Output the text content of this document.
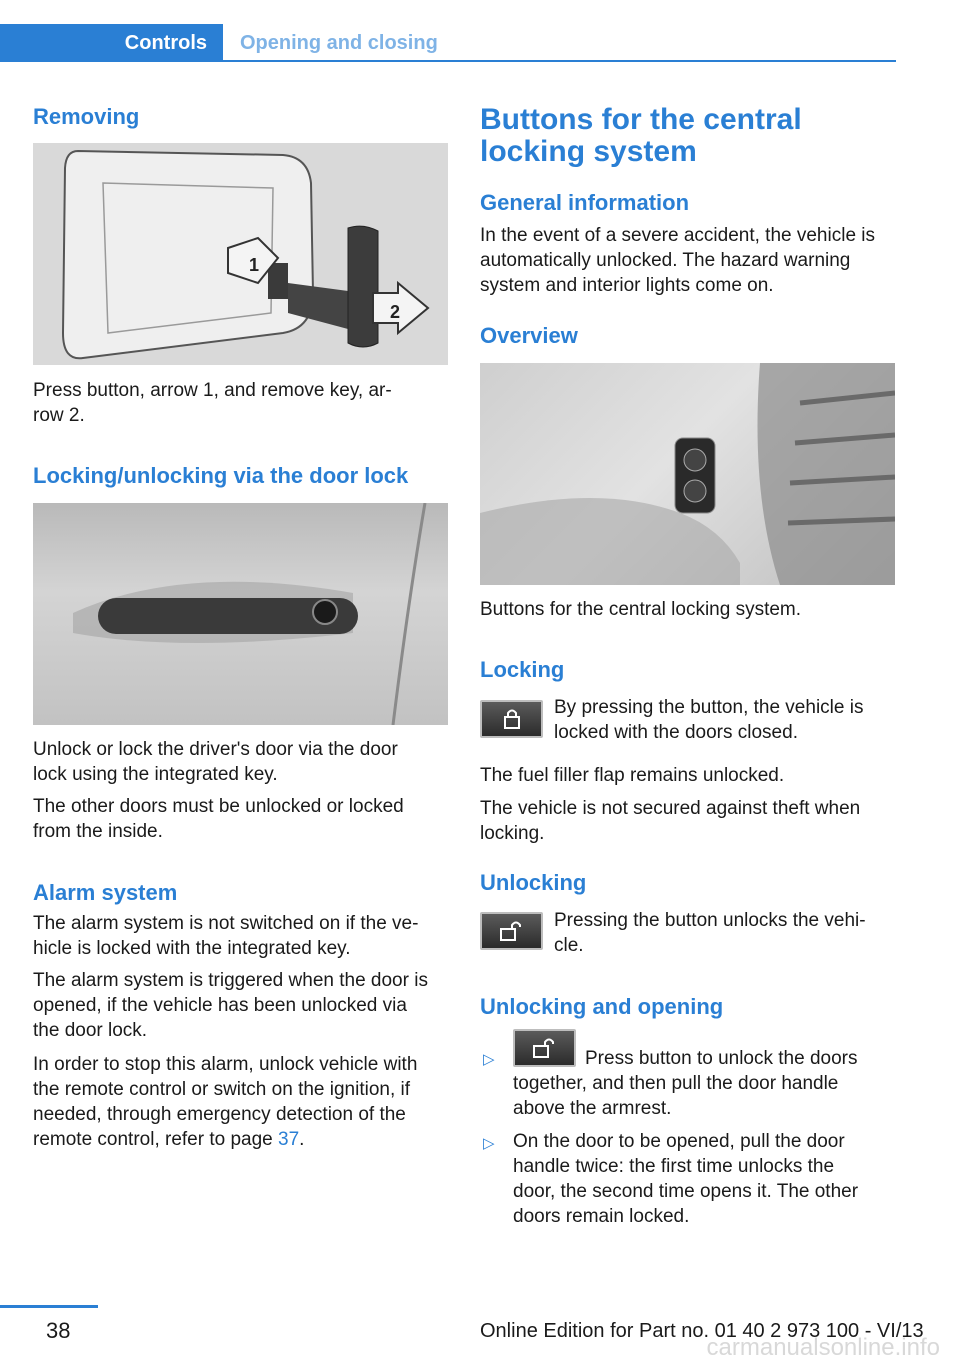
Controls Opening and closing
Removing
1
2

Press button, arrow 1, and remove key, ar‐
row 2.

Locking/unlocking via the door lock

Unlock or lock the driver's door via the door
lock using the integrated key.

The other doors must be unlocked or locked
from the inside.

Alarm system

The alarm system is not switched on if the ve‐
hicle is locked with the integrated key.

The alarm system is triggered when the door is
opened, if the vehicle has been unlocked via
the door lock.

In order to stop this alarm, unlock vehicle with
the remote control or switch on the ignition, if
needed, through emergency detection of the
remote control, refer to page 37.

Buttons for the central
locking system
General information

In the event of a severe accident, the vehicle is
automatically unlocked. The hazard warning
system and interior lights come on.

Overview

Buttons for the central locking system.

Locking

By pressing the button, the vehicle is
locked with the doors closed.

The fuel filler flap remains unlocked.

The vehicle is not secured against theft when
locking.

Unlocking

Pressing the button unlocks the vehi‐
cle.

Unlocking and opening
▷	Press button to unlock the doors
together, and then pull the door handle
above the armrest.

▷ On the door to be opened, pull the door
handle twice: the first time unlocks the
door, the second time opens it. The other
doors remain locked.

38	Online Edition for Part no. 01 40 2 973 100 - VI/13
carmanualsonline.info
